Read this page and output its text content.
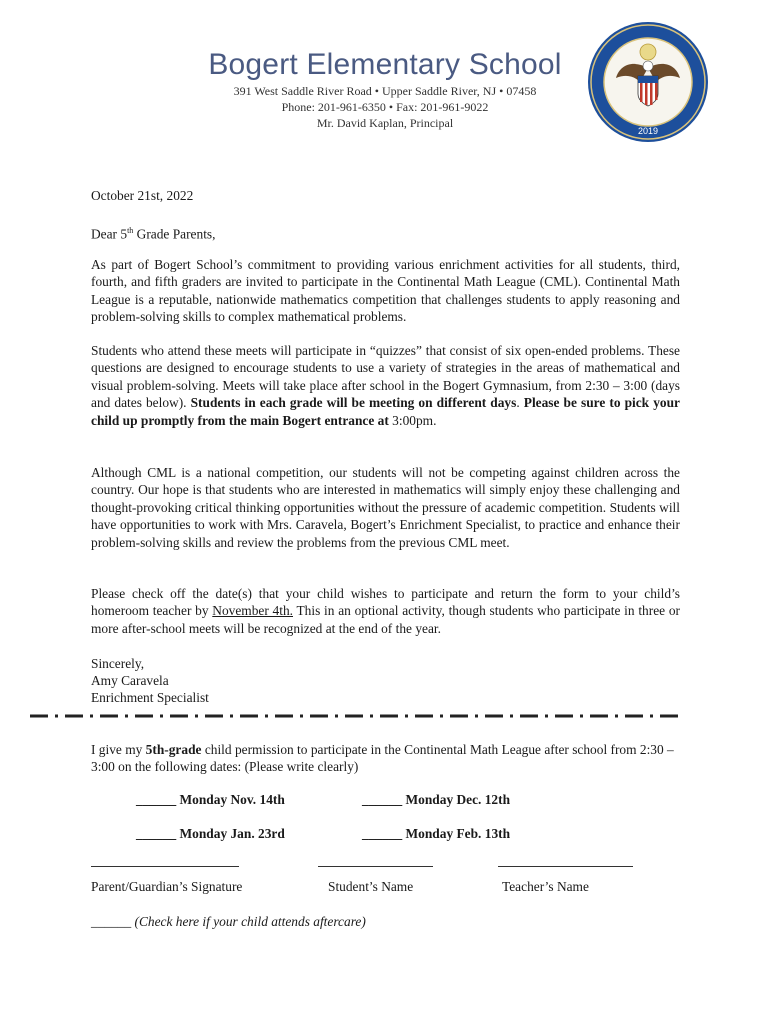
Bogert Elementary School
391 West Saddle River Road • Upper Saddle River, NJ • 07458
Phone: 201-961-6350 • Fax: 201-961-9022
Mr. David Kaplan, Principal
2019
October 21st, 2022
Dear 5th Grade Parents,
As part of Bogert School’s commitment to providing various enrichment activities for all students, third, fourth, and fifth graders are invited to participate in the Continental Math League (CML). Continental Math League is a reputable, nationwide mathematics competition that challenges students to apply reasoning and problem-solving skills to complex mathematical problems.
Students who attend these meets will participate in “quizzes” that consist of six open-ended problems. These questions are designed to encourage students to use a variety of strategies in the areas of mathematical and visual problem-solving. Meets will take place after school in the Bogert Gymnasium, from 2:30 – 3:00 (days and dates below). Students in each grade will be meeting on different days. Please be sure to pick your child up promptly from the main Bogert entrance at 3:00pm.
Although CML is a national competition, our students will not be competing against children across the country. Our hope is that students who are interested in mathematics will simply enjoy these challenging and thought-provoking critical thinking opportunities without the pressure of academic competition. Students will have opportunities to work with Mrs. Caravela, Bogert’s Enrichment Specialist, to practice and enhance their problem-solving skills and review the problems from the previous CML meet.
Please check off the date(s) that your child wishes to participate and return the form to your child’s homeroom teacher by November 4th. This in an optional activity, though students who participate in three or more after-school meets will be recognized at the end of the year.
Sincerely,
Amy Caravela
Enrichment Specialist
I give my 5th-grade child permission to participate in the Continental Math League after school from 2:30 – 3:00 on the following dates: (Please write clearly)
______ Monday Nov. 14th	______ Monday Dec. 12th
______ Monday Jan. 23rd	______ Monday Feb. 13th
Parent/Guardian’s Signature	Student’s Name	Teacher’s Name
______ (Check here if your child attends aftercare)
